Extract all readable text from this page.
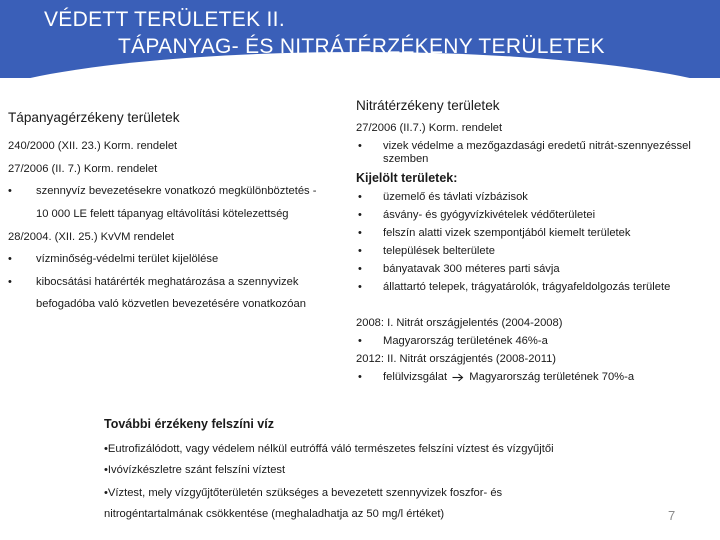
VÉDETT TERÜLETEK II.
TÁPANYAG- ÉS NITRÁTÉRZÉKENY TERÜLETEK
Tápanyagérzékeny területek
240/2000 (XII. 23.) Korm. rendelet
27/2006 (II. 7.) Korm. rendelet
• szennyvíz bevezetésekre vonatkozó megkülönböztetés -
10 000 LE felett tápanyag eltávolítási kötelezettség
28/2004. (XII. 25.) KvVM rendelet
• vízminőség-védelmi terület kijelölése
• kibocsátási határérték meghatározása a szennyvizek
befogadóba való közvetlen bevezetésére vonatkozóan
Nitrátérzékeny területek
27/2006 (II.7.) Korm. rendelet
• vizek védelme a mezőgazdasági eredetű nitrát-szennyezéssel
szemben
Kijelölt területek:
• üzemelő és távlati vízbázisok
• ásvány- és gyógyvízkivételek védőterületei
• felszín alatti vizek szempontjából kiemelt területek
• települések belterülete
• bányatavak 300 méteres parti sávja
• állattartó telepek, trágyatárolók, trágyafeldolgozás területe
2008: I. Nitrát országjelentés (2004-2008)
• Magyarország területének 46%-a
2012: II. Nitrát országjentés (2008-2011)
• felülvizsgálat Magyarország területének 70%-a
További érzékeny felszíni víz
•Eutrofizálódott, vagy védelem nélkül eutróffá váló természetes felszíni víztest és vízgyűjtői
•Ivóvízkészletre szánt felszíni víztest
•Víztest, mely vízgyűjtőterületén szükséges a bevezetett szennyvizek foszfor- és
nitrogéntartalmának csökkentése (meghaladhatja az 50 mg/l értéket)	7
